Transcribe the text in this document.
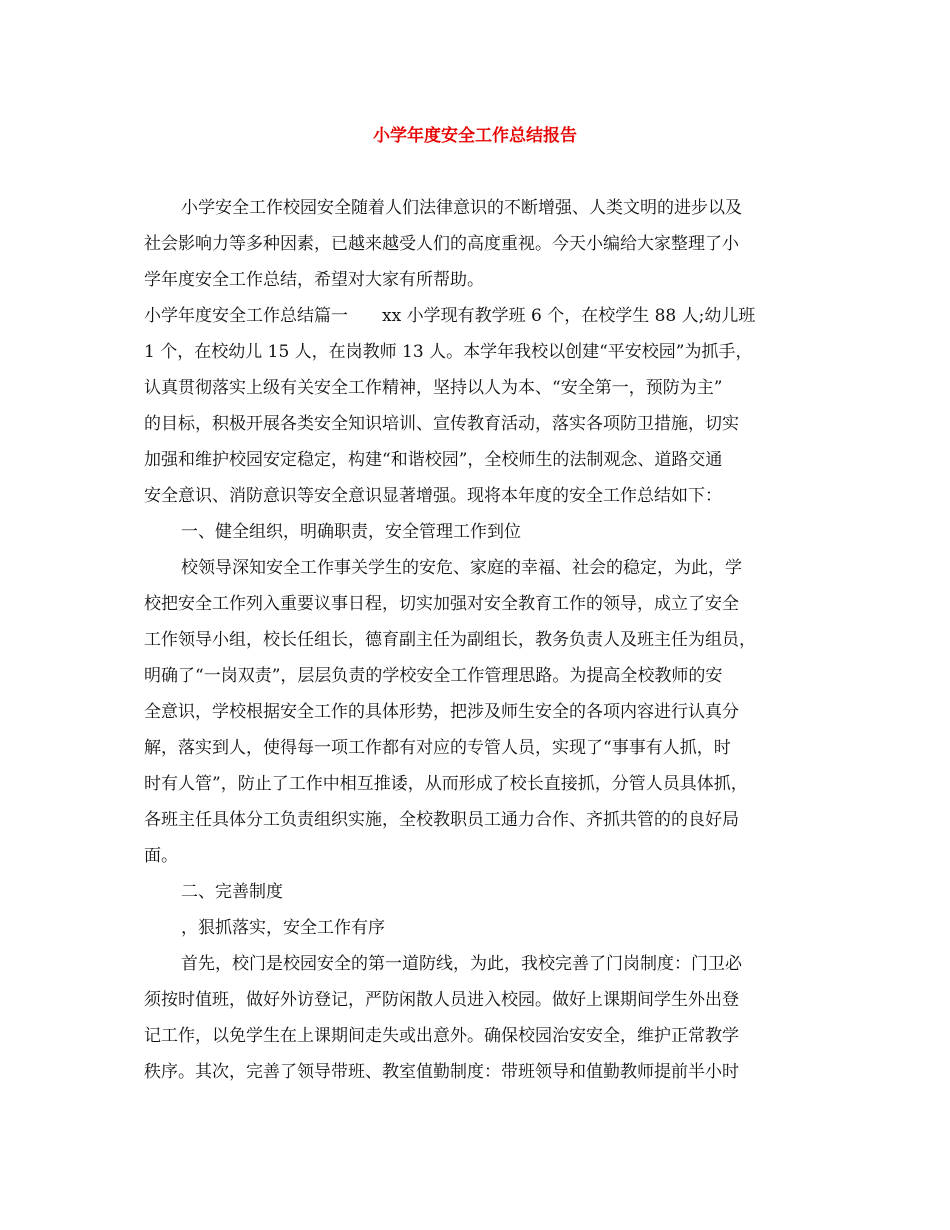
小学年度安全工作总结报告

小学安全工作校园安全随着人们法律意识的不断增强、人类文明的进步以及

社会影响力等多种因素，已越来越受人们的高度重视。今天小编给大家整理了小

学年度安全工作总结，希望对大家有所帮助。

小学年度安全工作总结篇一　　xx 小学现有教学班 6 个，在校学生 88 人;幼儿班

1 个，在校幼儿 15 人，在岗教师 13 人。本学年我校以创建“平安校园”为抓手，

认真贯彻落实上级有关安全工作精神，坚持以人为本、“安全第一，预防为主”

的目标，积极开展各类安全知识培训、宣传教育活动，落实各项防卫措施，切实

加强和维护校园安定稳定，构建“和谐校园”，全校师生的法制观念、道路交通

安全意识、消防意识等安全意识显著增强。现将本年度的安全工作总结如下：

一、健全组织，明确职责，安全管理工作到位

校领导深知安全工作事关学生的安危、家庭的幸福、社会的稳定，为此，学

校把安全工作列入重要议事日程，切实加强对安全教育工作的领导，成立了安全

工作领导小组，校长任组长，德育副主任为副组长，教务负责人及班主任为组员，

明确了“一岗双责”，层层负责的学校安全工作管理思路。为提高全校教师的安

全意识，学校根据安全工作的具体形势，把涉及师生安全的各项内容进行认真分

解，落实到人，使得每一项工作都有对应的专管人员，实现了“事事有人抓，时

时有人管”，防止了工作中相互推诿，从而形成了校长直接抓，分管人员具体抓，

各班主任具体分工负责组织实施，全校教职员工通力合作、齐抓共管的的良好局

面。

二、完善制度

，狠抓落实，安全工作有序

首先，校门是校园安全的第一道防线，为此，我校完善了门岗制度：门卫必

须按时值班，做好外访登记，严防闲散人员进入校园。做好上课期间学生外出登

记工作，以免学生在上课期间走失或出意外。确保校园治安安全，维护正常教学

秩序。其次，完善了领导带班、教室值勤制度：带班领导和值勤教师提前半小时
